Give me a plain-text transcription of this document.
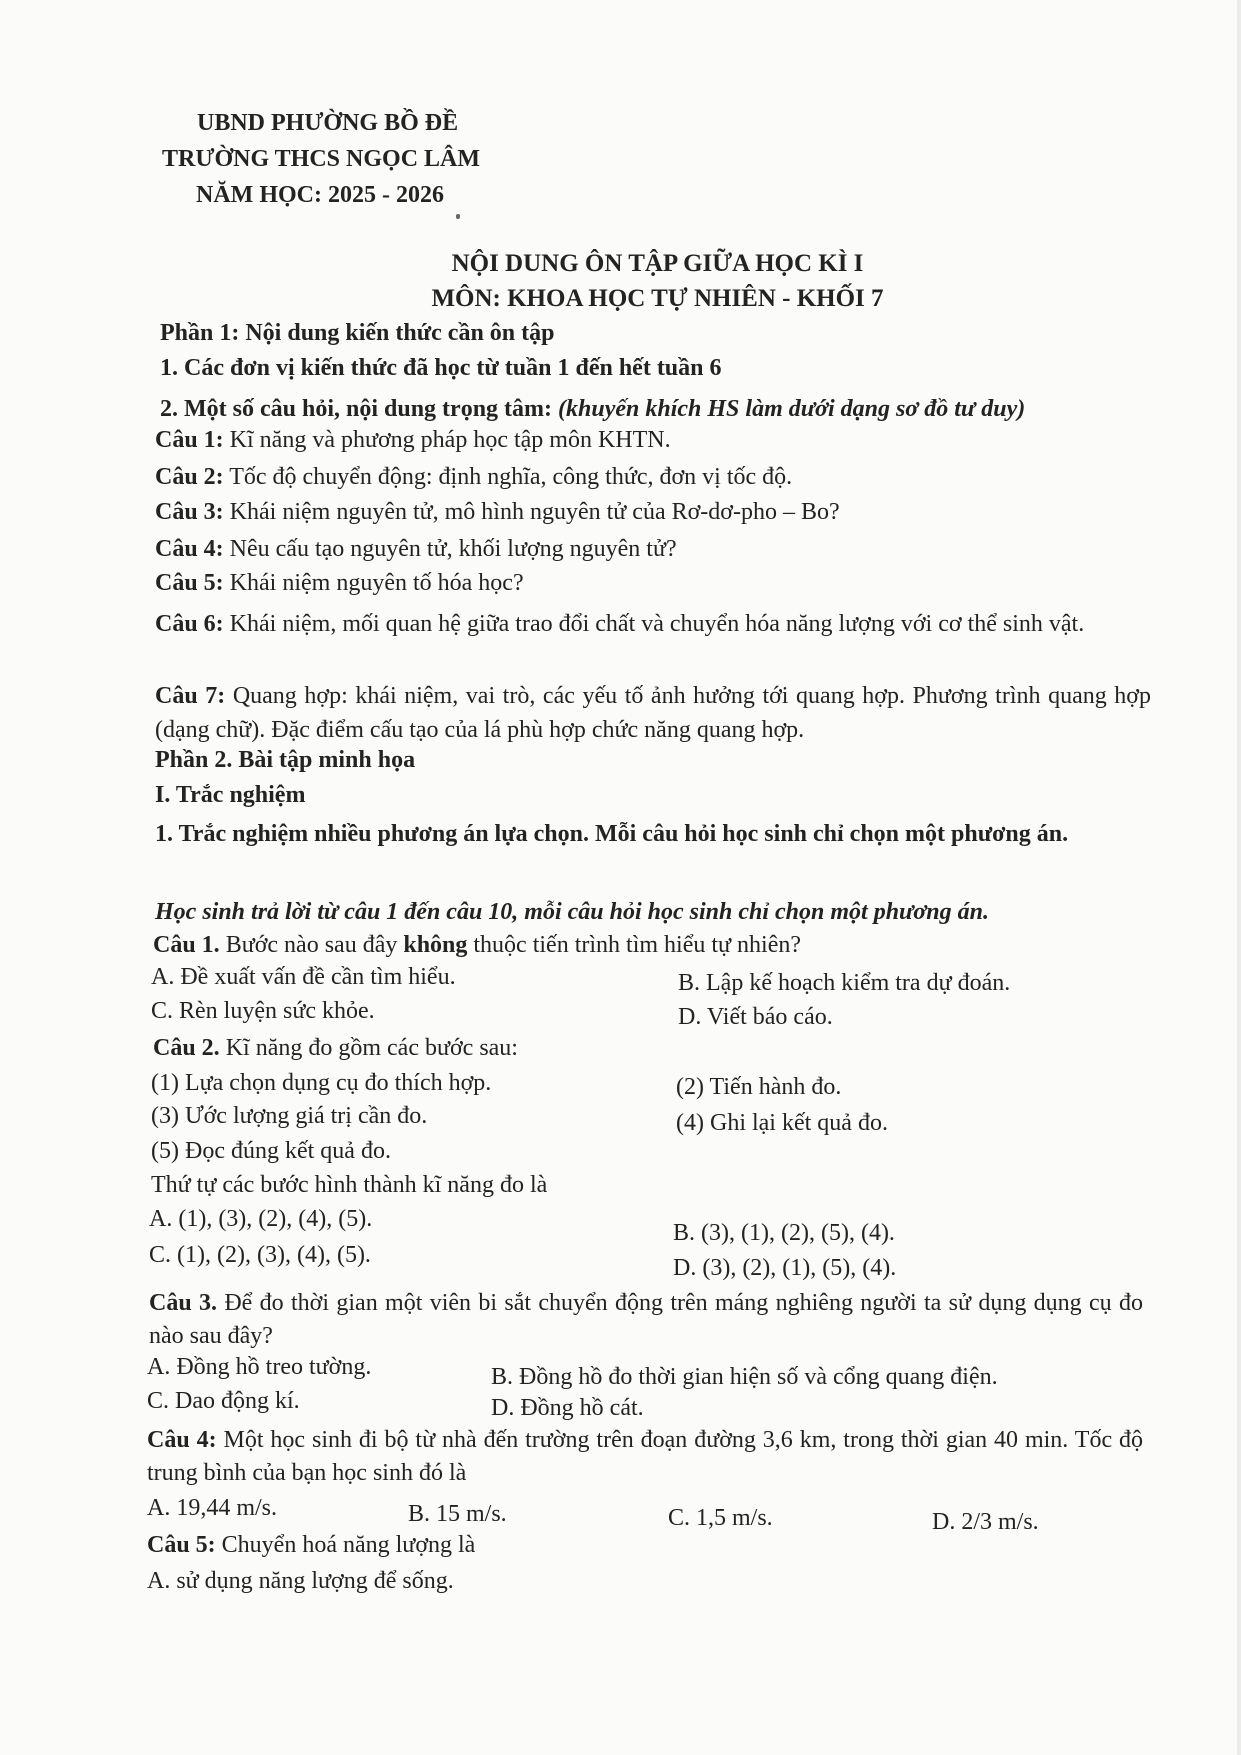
UBND PHƯỜNG BỒ ĐỀ
TRƯỜNG THCS NGỌC LÂM
NĂM HỌC: 2025 - 2026
NỘI DUNG ÔN TẬP GIỮA HỌC KÌ I
MÔN: KHOA HỌC TỰ NHIÊN - KHỐI 7
Phần 1: Nội dung kiến thức cần ôn tập
1. Các đơn vị kiến thức đã học từ tuần 1 đến hết tuần 6
2. Một số câu hỏi, nội dung trọng tâm: (khuyến khích HS làm dưới dạng sơ đồ tư duy)
Câu 1: Kĩ năng và phương pháp học tập môn KHTN.
Câu 2: Tốc độ chuyển động: định nghĩa, công thức, đơn vị tốc độ.
Câu 3: Khái niệm nguyên tử, mô hình nguyên tử của Rơ-dơ-pho – Bo?
Câu 4: Nêu cấu tạo nguyên tử, khối lượng nguyên tử?
Câu 5: Khái niệm nguyên tố hóa học?
Câu 6: Khái niệm, mối quan hệ giữa trao đổi chất và chuyển hóa năng lượng với cơ thể sinh vật.
Câu 7: Quang hợp: khái niệm, vai trò, các yếu tố ảnh hưởng tới quang hợp. Phương trình quang hợp (dạng chữ). Đặc điểm cấu tạo của lá phù hợp chức năng quang hợp.
Phần 2. Bài tập minh họa
I. Trắc nghiệm
1. Trắc nghiệm nhiều phương án lựa chọn. Mỗi câu hỏi học sinh chỉ chọn một phương án.
Học sinh trả lời từ câu 1 đến câu 10, mỗi câu hỏi học sinh chỉ chọn một phương án.
Câu 1. Bước nào sau đây không thuộc tiến trình tìm hiểu tự nhiên?
A. Đề xuất vấn đề cần tìm hiểu.	B. Lập kế hoạch kiểm tra dự đoán.
C. Rèn luyện sức khỏe.	D. Viết báo cáo.
Câu 2. Kĩ năng đo gồm các bước sau:
(1) Lựa chọn dụng cụ đo thích hợp.	(2) Tiến hành đo.
(3) Ước lượng giá trị cần đo.	(4) Ghi lại kết quả đo.
(5) Đọc đúng kết quả đo.
Thứ tự các bước hình thành kĩ năng đo là
A. (1), (3), (2), (4), (5).
B. (3), (1), (2), (5), (4).
C. (1), (2), (3), (4), (5).	D. (3), (2), (1), (5), (4).
Câu 3. Để đo thời gian một viên bi sắt chuyển động trên máng nghiêng người ta sử dụng dụng cụ đo nào sau đây?
A. Đồng hồ treo tường.	B. Đồng hồ đo thời gian hiện số và cổng quang điện.
C. Dao động kí.	D. Đồng hồ cát.
Câu 4: Một học sinh đi bộ từ nhà đến trường trên đoạn đường 3,6 km, trong thời gian 40 min. Tốc độ trung bình của bạn học sinh đó là
A. 19,44 m/s.	B. 15 m/s.	C. 1,5 m/s.	D. 2/3 m/s.
Câu 5: Chuyển hoá năng lượng là
A. sử dụng năng lượng để sống.
